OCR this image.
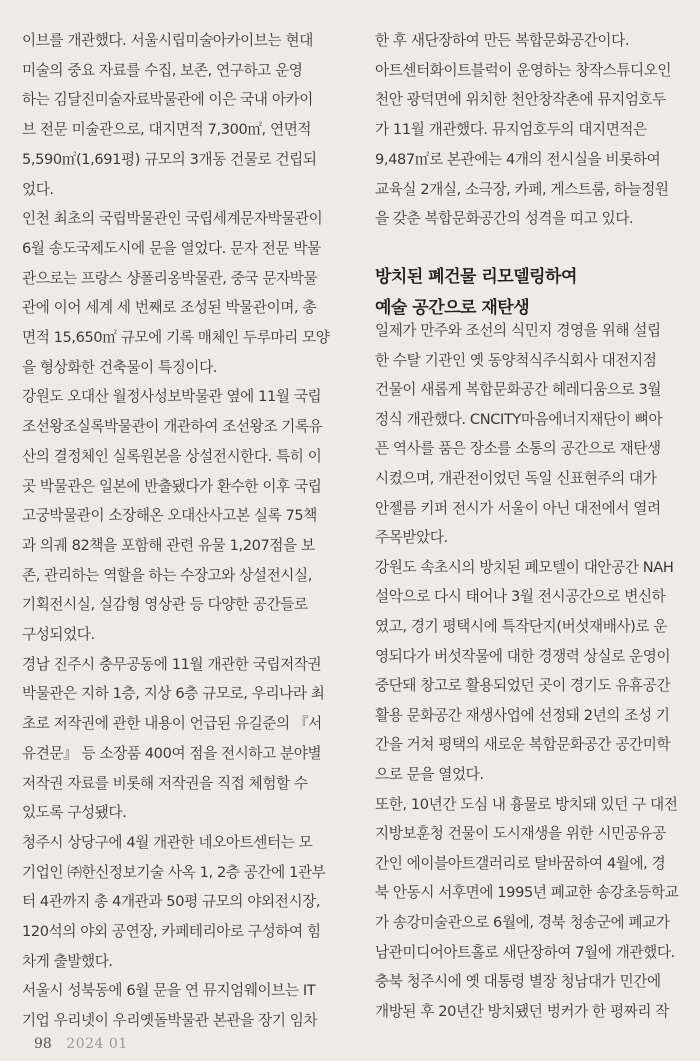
이브를 개관했다. 서울시립미술아카이브는 현대
미술의 중요 자료를 수집, 보존, 연구하고 운영
하는 김달진미술자료박물관에 이은 국내 아카이
브 전문 미술관으로, 대지면적 7,300㎡, 연면적
5,590㎡(1,691평) 규모의 3개동 건물로 건립되
었다.
인천 최초의 국립박물관인 국립세계문자박물관이
6월 송도국제도시에 문을 열었다. 문자 전문 박물
관으로는 프랑스 샹폴리옹박물관, 중국 문자박물
관에 이어 세계 세 번째로 조성된 박물관이며, 총
면적 15,650㎡ 규모에 기록 매체인 두루마리 모양
을 형상화한 건축물이 특징이다.
강원도 오대산 월정사성보박물관 옆에 11월 국립
조선왕조실록박물관이 개관하여 조선왕조 기록유
산의 결정체인 실록원본을 상설전시한다. 특히 이
곳 박물관은 일본에 반출됐다가 환수한 이후 국립
고궁박물관이 소장해온 오대산사고본 실록 75책
과 의궤 82책을 포함해 관련 유물 1,207점을 보
존, 관리하는 역할을 하는 수장고와 상설전시실,
기획전시실, 실감형 영상관 등 다양한 공간들로
구성되었다.
경남 진주시 충무공동에 11월 개관한 국립저작권
박물관은 지하 1층, 지상 6층 규모로, 우리나라 최
초로 저작권에 관한 내용이 언급된 유길준의 『서
유견문』 등 소장품 400여 점을 전시하고 분야별
저작권 자료를 비롯해 저작권을 직접 체험할 수
있도록 구성됐다.
청주시 상당구에 4월 개관한 네오아트센터는 모
기업인 ㈜한신정보기술 사옥 1, 2층 공간에 1관부
터 4관까지 총 4개관과 50평 규모의 야외전시장,
120석의 야외 공연장, 카페테리아로 구성하여 힘
차게 출발했다.
서울시 성북동에 6월 문을 연 뮤지엄웨이브는 IT
기업 우리넷이 우리옛돌박물관 본관을 장기 임차
한 후 새단장하여 만든 복합문화공간이다.
아트센터화이트블럭이 운영하는 창작스튜디오인
천안 광덕면에 위치한 천안창작촌에 뮤지엄호두
가 11월 개관했다. 뮤지엄호두의 대지면적은
9,487㎡로 본관에는 4개의 전시실을 비롯하여
교육실 2개실, 소극장, 카페, 게스트룸, 하늘정원
을 갖춘 복합문화공간의 성격을 띠고 있다.
방치된 폐건물 리모델링하여
예술 공간으로 재탄생
일제가 만주와 조선의 식민지 경영을 위해 설립
한 수탈 기관인 옛 동양척식주식회사 대전지점
건물이 새롭게 복합문화공간 헤레디움으로 3월
정식 개관했다. CNCITY마음에너지재단이 뼈아
픈 역사를 품은 장소를 소통의 공간으로 재탄생
시켰으며, 개관전이었던 독일 신표현주의 대가
안젤름 키퍼 전시가 서울이 아닌 대전에서 열려
주목받았다.
강원도 속초시의 방치된 폐모텔이 대안공간 NAH
설악으로 다시 태어나 3월 전시공간으로 변신하
였고, 경기 평택시에 특작단지(버섯재배사)로 운
영되다가 버섯작물에 대한 경쟁력 상실로 운영이
중단돼 창고로 활용되었던 곳이 경기도 유휴공간
활용 문화공간 재생사업에 선정돼 2년의 조성 기
간을 거쳐 평택의 새로운 복합문화공간 공간미학
으로 문을 열었다.
또한, 10년간 도심 내 흉물로 방치돼 있던 구 대전
지방보훈청 건물이 도시재생을 위한 시민공유공
간인 에이블아트갤러리로 탈바꿈하여 4월에, 경
북 안동시 서후면에 1995년 폐교한 송강초등학교
가 송강미술관으로 6월에, 경북 청송군에 폐교가
남관미디어아트홀로 새단장하여 7월에 개관했다.
충북 청주시에 옛 대통령 별장 청남대가 민간에
개방된 후 20년간 방치됐던 벙커가 한 평짜리 작
98 2024 01
